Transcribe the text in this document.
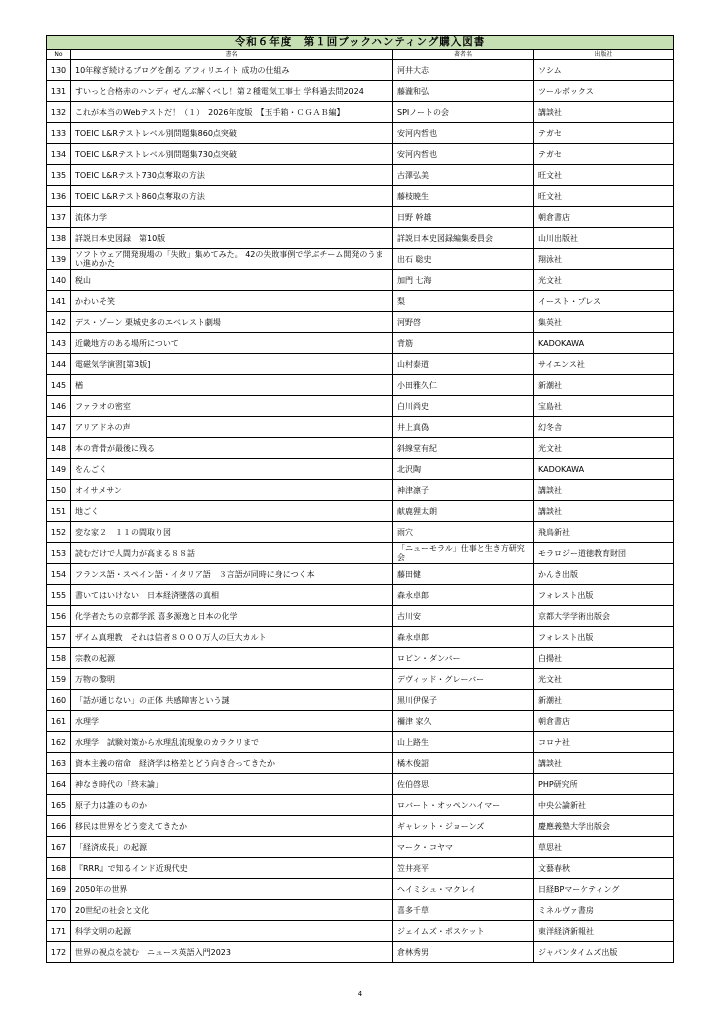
令和６年度　第１回ブックハンティング購入図書			
No	書名	著者名	出版社
130	10年稼ぎ続けるブログを創る アフィリエイト 成功の仕組み	河井大志	ソシム
131	すいっと合格赤のハンディ ぜんぶ解くべし！第２種電気工事士 学科過去問2024	藤瀧和弘	ツールボックス
132	これが本当のWebテストだ！（１）　2026年度版　【玉手箱・ＣＧＡＢ編】	SPIノートの会	講談社
133	TOEIC L&Rテストレベル別問題集860点突破	安河内哲也	テガセ
134	TOEIC L&Rテストレベル別問題集730点突破	安河内哲也	テガセ
135	TOEIC L&Rテスト730点奪取の方法	古澤弘美	旺文社
136	TOEIC L&Rテスト860点奪取の方法	藤枝暁生	旺文社
137	流体力学	日野 幹雄	朝倉書店
138	詳説日本史図録　第10版	詳説日本史図録編集委員会	山川出版社
139	ソフトウェア開発現場の「失敗」集めてみた。 42の失敗事例で学ぶチーム開発のうまい進めかた	出石 聡史	翔泳社
140	税山	加門 七海	光文社
141	かわいそ笑	梨	イースト・プレス
142	デス・ゾーン 栗城史多のエベレスト劇場	河野啓	集英社
143	近畿地方のある場所について	背筋	KADOKAWA
144	電磁気学演習[第3版]	山村泰道	サイエンス社
145	楢	小田雅久仁	新潮社
146	ファラオの密室	白川尚史	宝島社
147	アリアドネの声	井上真偽	幻冬舎
148	本の背骨が最後に残る	斜線堂有紀	光文社
149	をんごく	北沢陶	KADOKAWA
150	オイサメサン	神津凛子	講談社
151	地ごく	献鹿狸太朗	講談社
152	変な家２　１１の間取り図	雨穴	飛鳥新社
153	読むだけで人間力が高まる８８話	「ニューモラル」仕事と生き方研究会	モラロジー道徳教育財団
154	フランス語・スペイン語・イタリア語　３言語が同時に身につく本	藤田健	かんき出版
155	書いてはいけない　日本経済墜落の真相	森永卓郎	フォレスト出版
156	化学者たちの京都学派 喜多源逸と日本の化学	古川安	京都大学学術出版会
157	ザイム真理教　それは信者８０００万人の巨大カルト	森永卓郎	フォレスト出版
158	宗教の起源	ロビン・ダンバー	白揚社
159	万物の黎明	デヴィッド・グレーバー	光文社
160	「話が通じない」の正体 共感障害という謎	黒川伊保子	新潮社
161	水理学	禰津 家久	朝倉書店
162	水理学　試験対策から水理乱流現象のカラクリまで	山上路生	コロナ社
163	資本主義の宿命　経済学は格差とどう向き合ってきたか	橘木俊詔	講談社
164	神なき時代の「終末論」	佐伯啓思	PHP研究所
165	原子力は誰のものか	ロバート・オッペンハイマー	中央公論新社
166	移民は世界をどう変えてきたか	ギャレット・ジョーンズ	慶應義塾大学出版会
167	「経済成長」の起源	マーク・コヤマ	草思社
168	『RRR』で知るインド近現代史	笠井亮平	文藝春秋
169	2050年の世界	ヘイミシュ・マクレイ	日経BPマーケティング
170	20世紀の社会と文化	喜多千草	ミネルヴァ書房
171	科学文明の起源	ジェイムズ・ポスケット	東洋経済新報社
172	世界の視点を読む　ニュース英語入門2023	倉林秀男	ジャパンタイムズ出版
4
